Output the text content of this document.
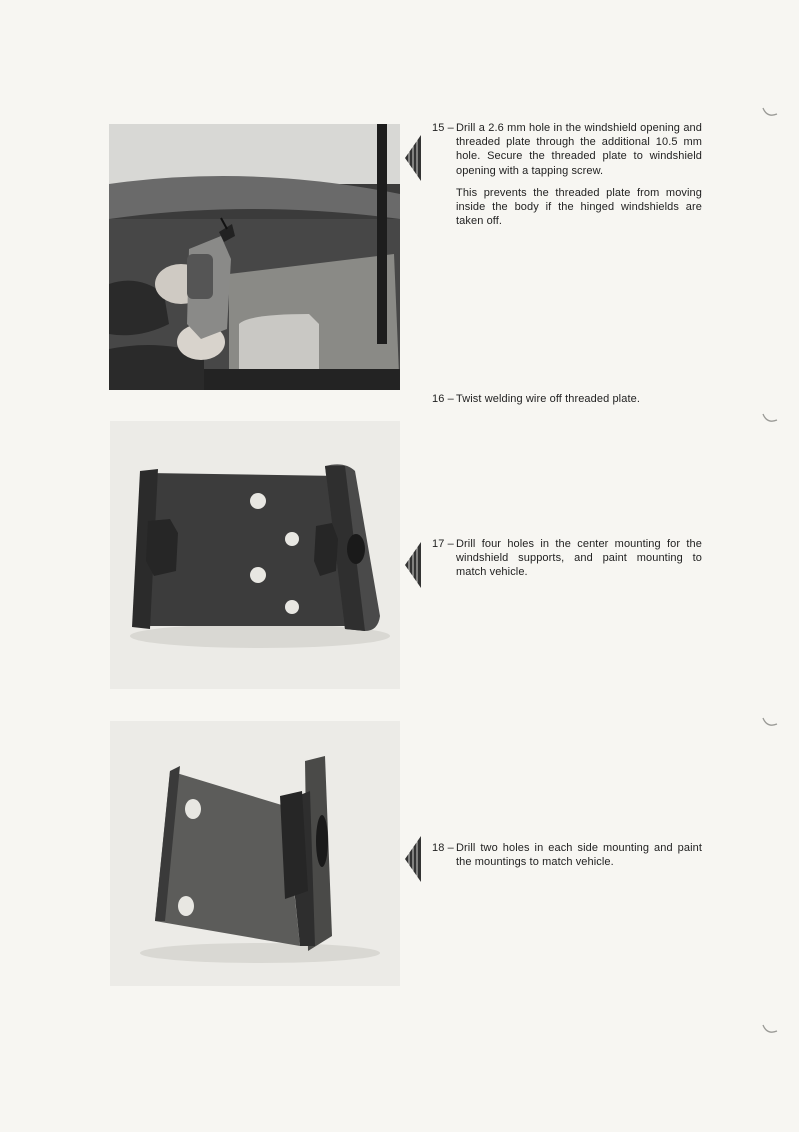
15 – Drill a 2.6 mm hole in the windshield opening and threaded plate through the additional 10.5 mm hole. Secure the threaded plate to windshield opening with a tapping screw.

This prevents the threaded plate from moving inside the body if the hinged windshields are taken off.

16 – Twist welding wire off threaded plate.

17 – Drill four holes in the center mounting for the windshield supports, and paint mounting to match vehicle.

18 – Drill two holes in each side mounting and paint the mountings to match vehicle.
